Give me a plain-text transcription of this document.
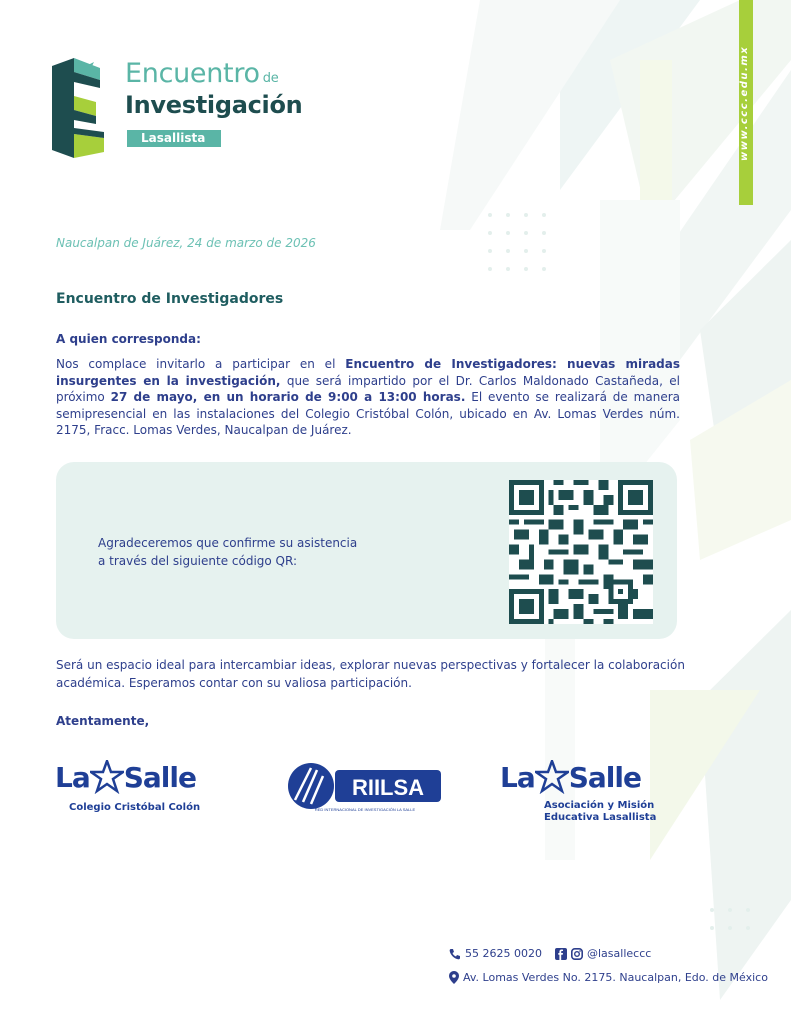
Encuentro de
Investigación
Lasallista	www.ccc.edu.mx
Naucalpan de Juárez, 24 de marzo de 2026
Encuentro de Investigadores
A quien corresponda:
Nos complace invitarlo a participar en el Encuentro de Investigadores: nuevas miradas insurgentes en la investigación, que será impartido por el Dr. Carlos Maldonado Castañeda, el próximo 27 de mayo, en un horario de 9:00 a 13:00 horas. El evento se realizará de manera semipresencial en las instalaciones del Colegio Cristóbal Colón, ubicado en Av. Lomas Verdes núm. 2175, Fracc. Lomas Verdes, Naucalpan de Juárez.
Agradeceremos que confirme su asistencia
a través del siguiente código QR:
Será un espacio ideal para intercambiar ideas, explorar nuevas perspectivas y fortalecer la colaboración académica. Esperamos contar con su valiosa participación.
Atentamente,
La Salle
Colegio Cristóbal Colón
RIILSA
RED INTERNACIONAL DE INVESTIGACIÓN LA SALLE
La Salle
Asociación y Misión
Educativa Lasallista
55 2625 0020	@lasalleccc
Av. Lomas Verdes No. 2175. Naucalpan, Edo. de México
